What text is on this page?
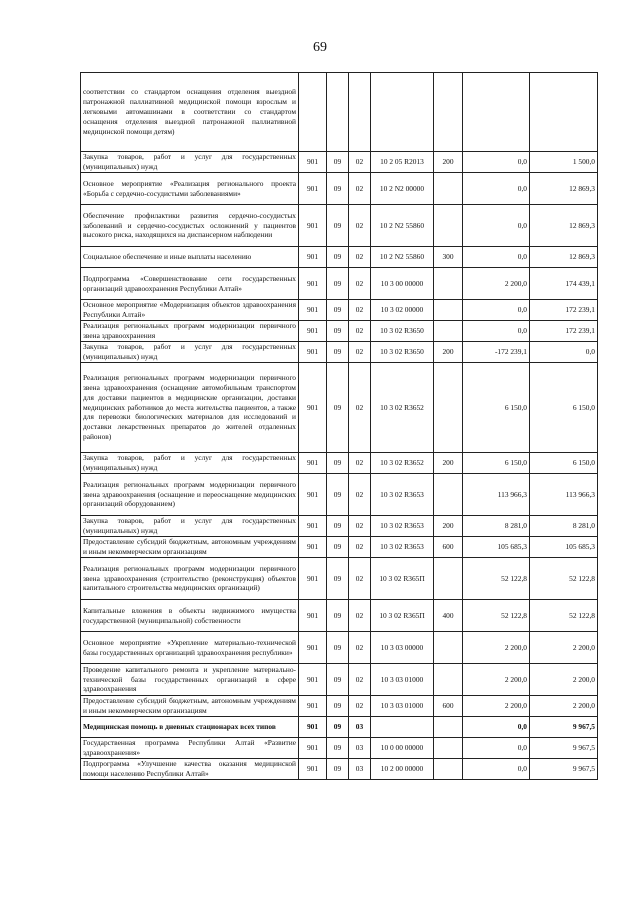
69
соответствии со стандартом оснащения отделения выездной патронажной паллиативной медицинской помощи взрослым и легковыми автомашинами в соответствии со стандартом оснащения отделения выездной патронажной паллиативной медицинской помощи детям)							
Закупка товаров, работ и услуг для государственных (муниципальных) нужд	901	09	02	10 2 05 R2013	200	0,0	1 500,0
Основное мероприятие «Реализация регионального проекта «Борьба с сердечно-сосудистыми заболеваниями»	901	09	02	10 2 N2 00000		0,0	12 869,3
Обеспечение профилактики развития сердечно-сосудистых заболеваний и сердечно-сосудистых осложнений у пациентов высокого риска, находящихся на диспансерном наблюдении	901	09	02	10 2 N2 55860		0,0	12 869,3
Социальное обеспечение и иные выплаты населению	901	09	02	10 2 N2 55860	300	0,0	12 869,3
Подпрограмма «Совершенствование сети государственных организаций здравоохранения Республики Алтай»	901	09	02	10 3 00 00000		2 200,0	174 439,1
Основное мероприятие «Модернизация объектов здравоохранения Республики Алтай»	901	09	02	10 3 02 00000		0,0	172 239,1
Реализация региональных программ модернизации первичного звена здравоохранения	901	09	02	10 3 02 R3650		0,0	172 239,1
Закупка товаров, работ и услуг для государственных (муниципальных) нужд	901	09	02	10 3 02 R3650	200	-172 239,1	0,0
Реализация региональных программ модернизации первичного звена здравоохранения (оснащение автомобильным транспортом для доставки пациентов в медицинские организации, доставки медицинских работников до места жительства пациентов, а также для перевозки биологических материалов для исследований и доставки лекарственных препаратов до жителей отдаленных районов)	901	09	02	10 3 02 R3652		6 150,0	6 150,0
Закупка товаров, работ и услуг для государственных (муниципальных) нужд	901	09	02	10 3 02 R3652	200	6 150,0	6 150,0
Реализация региональных программ модернизации первичного звена здравоохранения (оснащение и переоснащение медицинских организаций оборудованием)	901	09	02	10 3 02 R3653		113 966,3	113 966,3
Закупка товаров, работ и услуг для государственных (муниципальных) нужд	901	09	02	10 3 02 R3653	200	8 281,0	8 281,0
Предоставление субсидий бюджетным, автономным учреждениям и иным некоммерческим организациям	901	09	02	10 3 02 R3653	600	105 685,3	105 685,3
Реализация региональных программ модернизации первичного звена здравоохранения (строительство (реконструкция) объектов капитального строительства медицинских организаций)	901	09	02	10 3 02 R365П		52 122,8	52 122,8
Капитальные вложения в объекты недвижимого имущества государственной (муниципальной) собственности	901	09	02	10 3 02 R365П	400	52 122,8	52 122,8
Основное мероприятие «Укрепление материально-технической базы государственных организаций здравоохранения республики»	901	09	02	10 3 03 00000		2 200,0	2 200,0
Проведение капитального ремонта и укрепление материально-технической базы государственных организаций в сфере здравоохранения	901	09	02	10 3 03 01000		2 200,0	2 200,0
Предоставление субсидий бюджетным, автономным учреждениям и иным некоммерческим организациям	901	09	02	10 3 03 01000	600	2 200,0	2 200,0
Медицинская помощь в дневных стационарах всех типов	901	09	03			0,0	9 967,5
Государственная программа Республики Алтай «Развитие здравоохранения»	901	09	03	10 0 00 00000		0,0	9 967,5
Подпрограмма «Улучшение качества оказания медицинской помощи населению Республики Алтай»	901	09	03	10 2 00 00000		0,0	9 967,5
